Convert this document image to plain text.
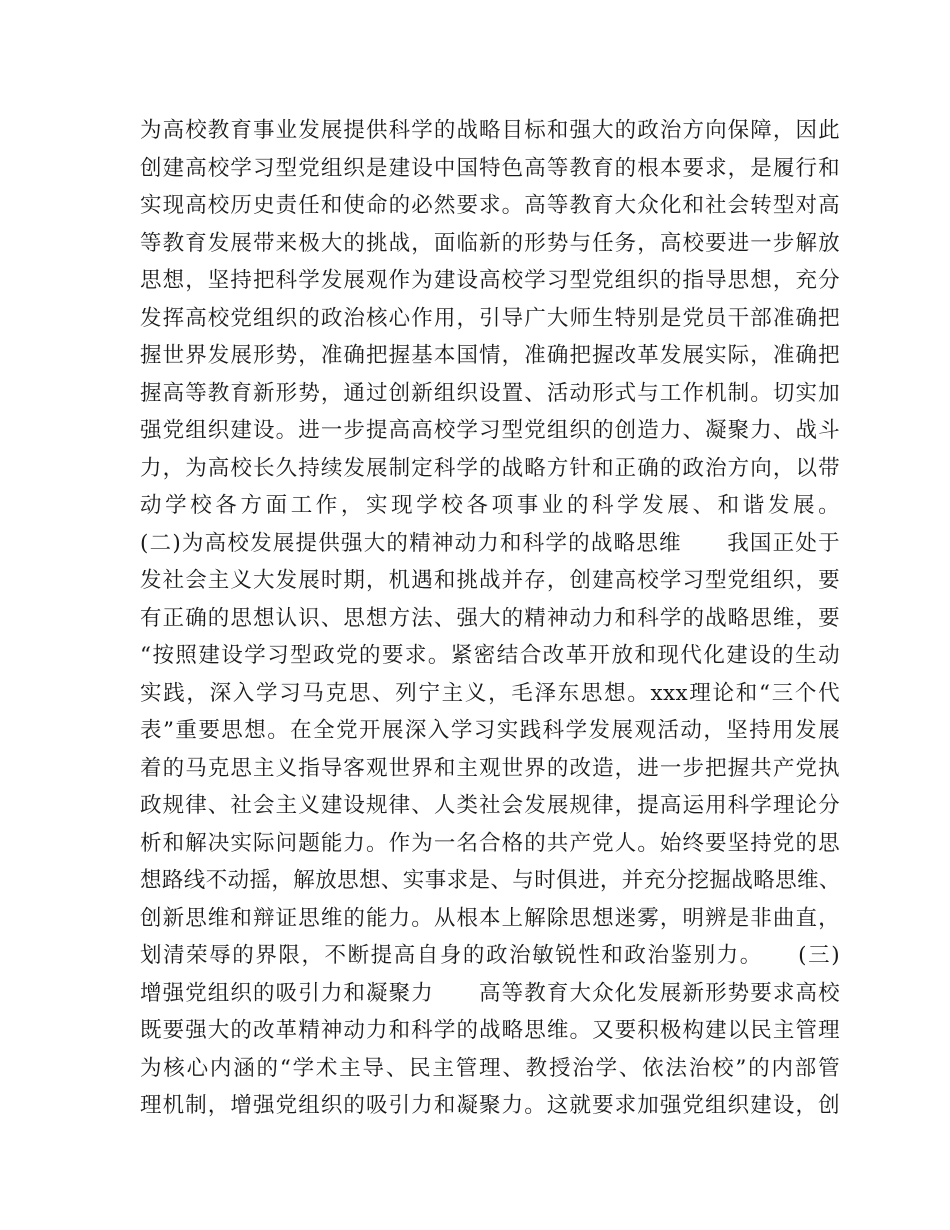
为高校教育事业发展提供科学的战略目标和强大的政治方向保障，因此
创建高校学习型党组织是建设中国特色高等教育的根本要求，是履行和
实现高校历史责任和使命的必然要求。高等教育大众化和社会转型对高
等教育发展带来极大的挑战，面临新的形势与任务，高校要进一步解放
思想，坚持把科学发展观作为建设高校学习型党组织的指导思想，充分
发挥高校党组织的政治核心作用，引导广大师生特别是党员干部准确把
握世界发展形势，准确把握基本国情，准确把握改革发展实际，准确把
握高等教育新形势，通过创新组织设置、活动形式与工作机制。切实加
强党组织建设。进一步提高高校学习型党组织的创造力、凝聚力、战斗
力，为高校长久持续发展制定科学的战略方针和正确的政治方向，以带
动学校各方面工作，实现学校各项事业的科学发展、和谐发展。
(二)为高校发展提供强大的精神动力和科学的战略思维　　我国正处于
发社会主义大发展时期，机遇和挑战并存，创建高校学习型党组织，要
有正确的思想认识、思想方法、强大的精神动力和科学的战略思维，要
“按照建设学习型政党的要求。紧密结合改革开放和现代化建设的生动
实践，深入学习马克思、列宁主义，毛泽东思想。xxx理论和“三个代
表”重要思想。在全党开展深入学习实践科学发展观活动，坚持用发展
着的马克思主义指导客观世界和主观世界的改造，进一步把握共产党执
政规律、社会主义建设规律、人类社会发展规律，提高运用科学理论分
析和解决实际问题能力。作为一名合格的共产党人。始终要坚持党的思
想路线不动摇，解放思想、实事求是、与时俱进，并充分挖掘战略思维、
创新思维和辩证思维的能力。从根本上解除思想迷雾，明辨是非曲直，
划清荣辱的界限，不断提高自身的政治敏锐性和政治鉴别力。　　(三)
增强党组织的吸引力和凝聚力　　高等教育大众化发展新形势要求高校
既要强大的改革精神动力和科学的战略思维。又要积极构建以民主管理
为核心内涵的“学术主导、民主管理、教授治学、依法治校”的内部管
理机制，增强党组织的吸引力和凝聚力。这就要求加强党组织建设，创
